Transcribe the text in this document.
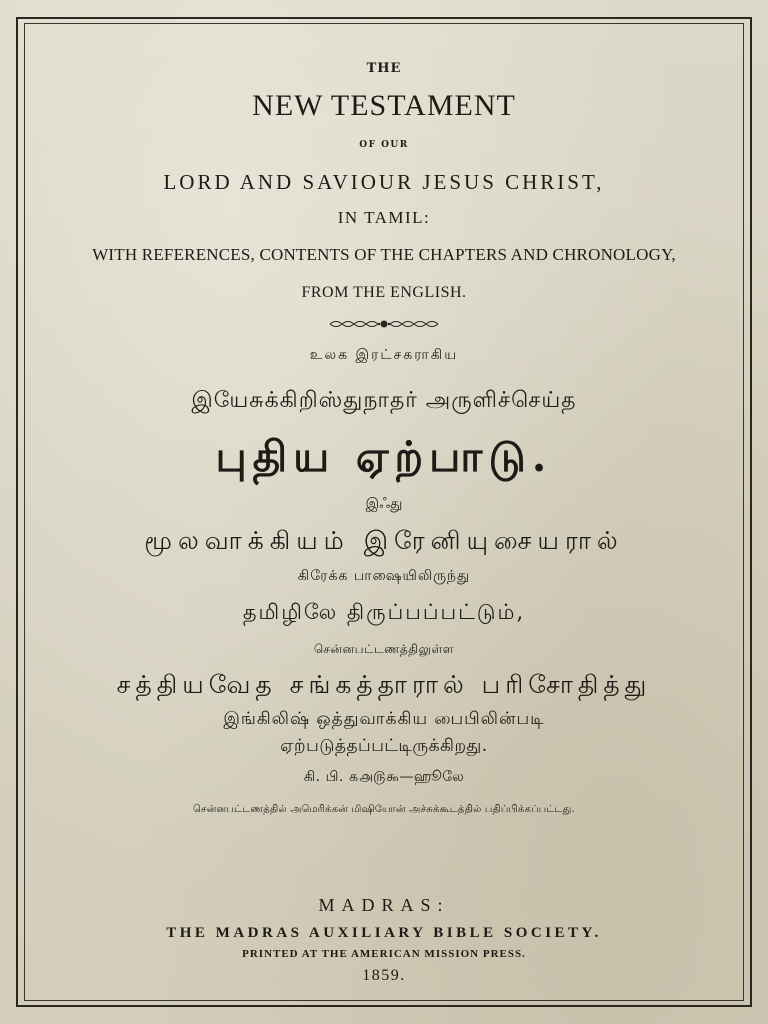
THE
NEW TESTAMENT
OF OUR
LORD AND SAVIOUR JESUS CHRIST,
IN TAMIL:
WITH REFERENCES, CONTENTS OF THE CHAPTERS AND CHRONOLOGY,
FROM THE ENGLISH.
உலக இரட்சகராகிய
இயேசுக்கிறிஸ்துநாதர் அருளிச்செய்த
புதிய ஏற்பாடு.
இஃது
மூலவாக்கியம் இரேனியுசையரால்
கிரேக்க பாஷையிலிருந்து
தமிழிலே திருப்பப்பட்டும்,
சென்னபட்டணத்திலுள்ள
சத்தியவேத சங்கத்தாரால் பரிசோதித்து
இங்கிலிஷ் ஒத்துவாக்கிய பைபிலின்படி
ஏற்படுத்தப்பட்டிருக்கிறது.
கி. பி. ௧௮௫௯—ஹூலே
சென்னபட்டணத்தில் அமெரிக்கன் மிஷியோன் அச்சுக்கூடத்தில் பதிப்பிக்கப்பட்டது.
MADRAS:
THE MADRAS AUXILIARY BIBLE SOCIETY.
PRINTED AT THE AMERICAN MISSION PRESS.
1859.
